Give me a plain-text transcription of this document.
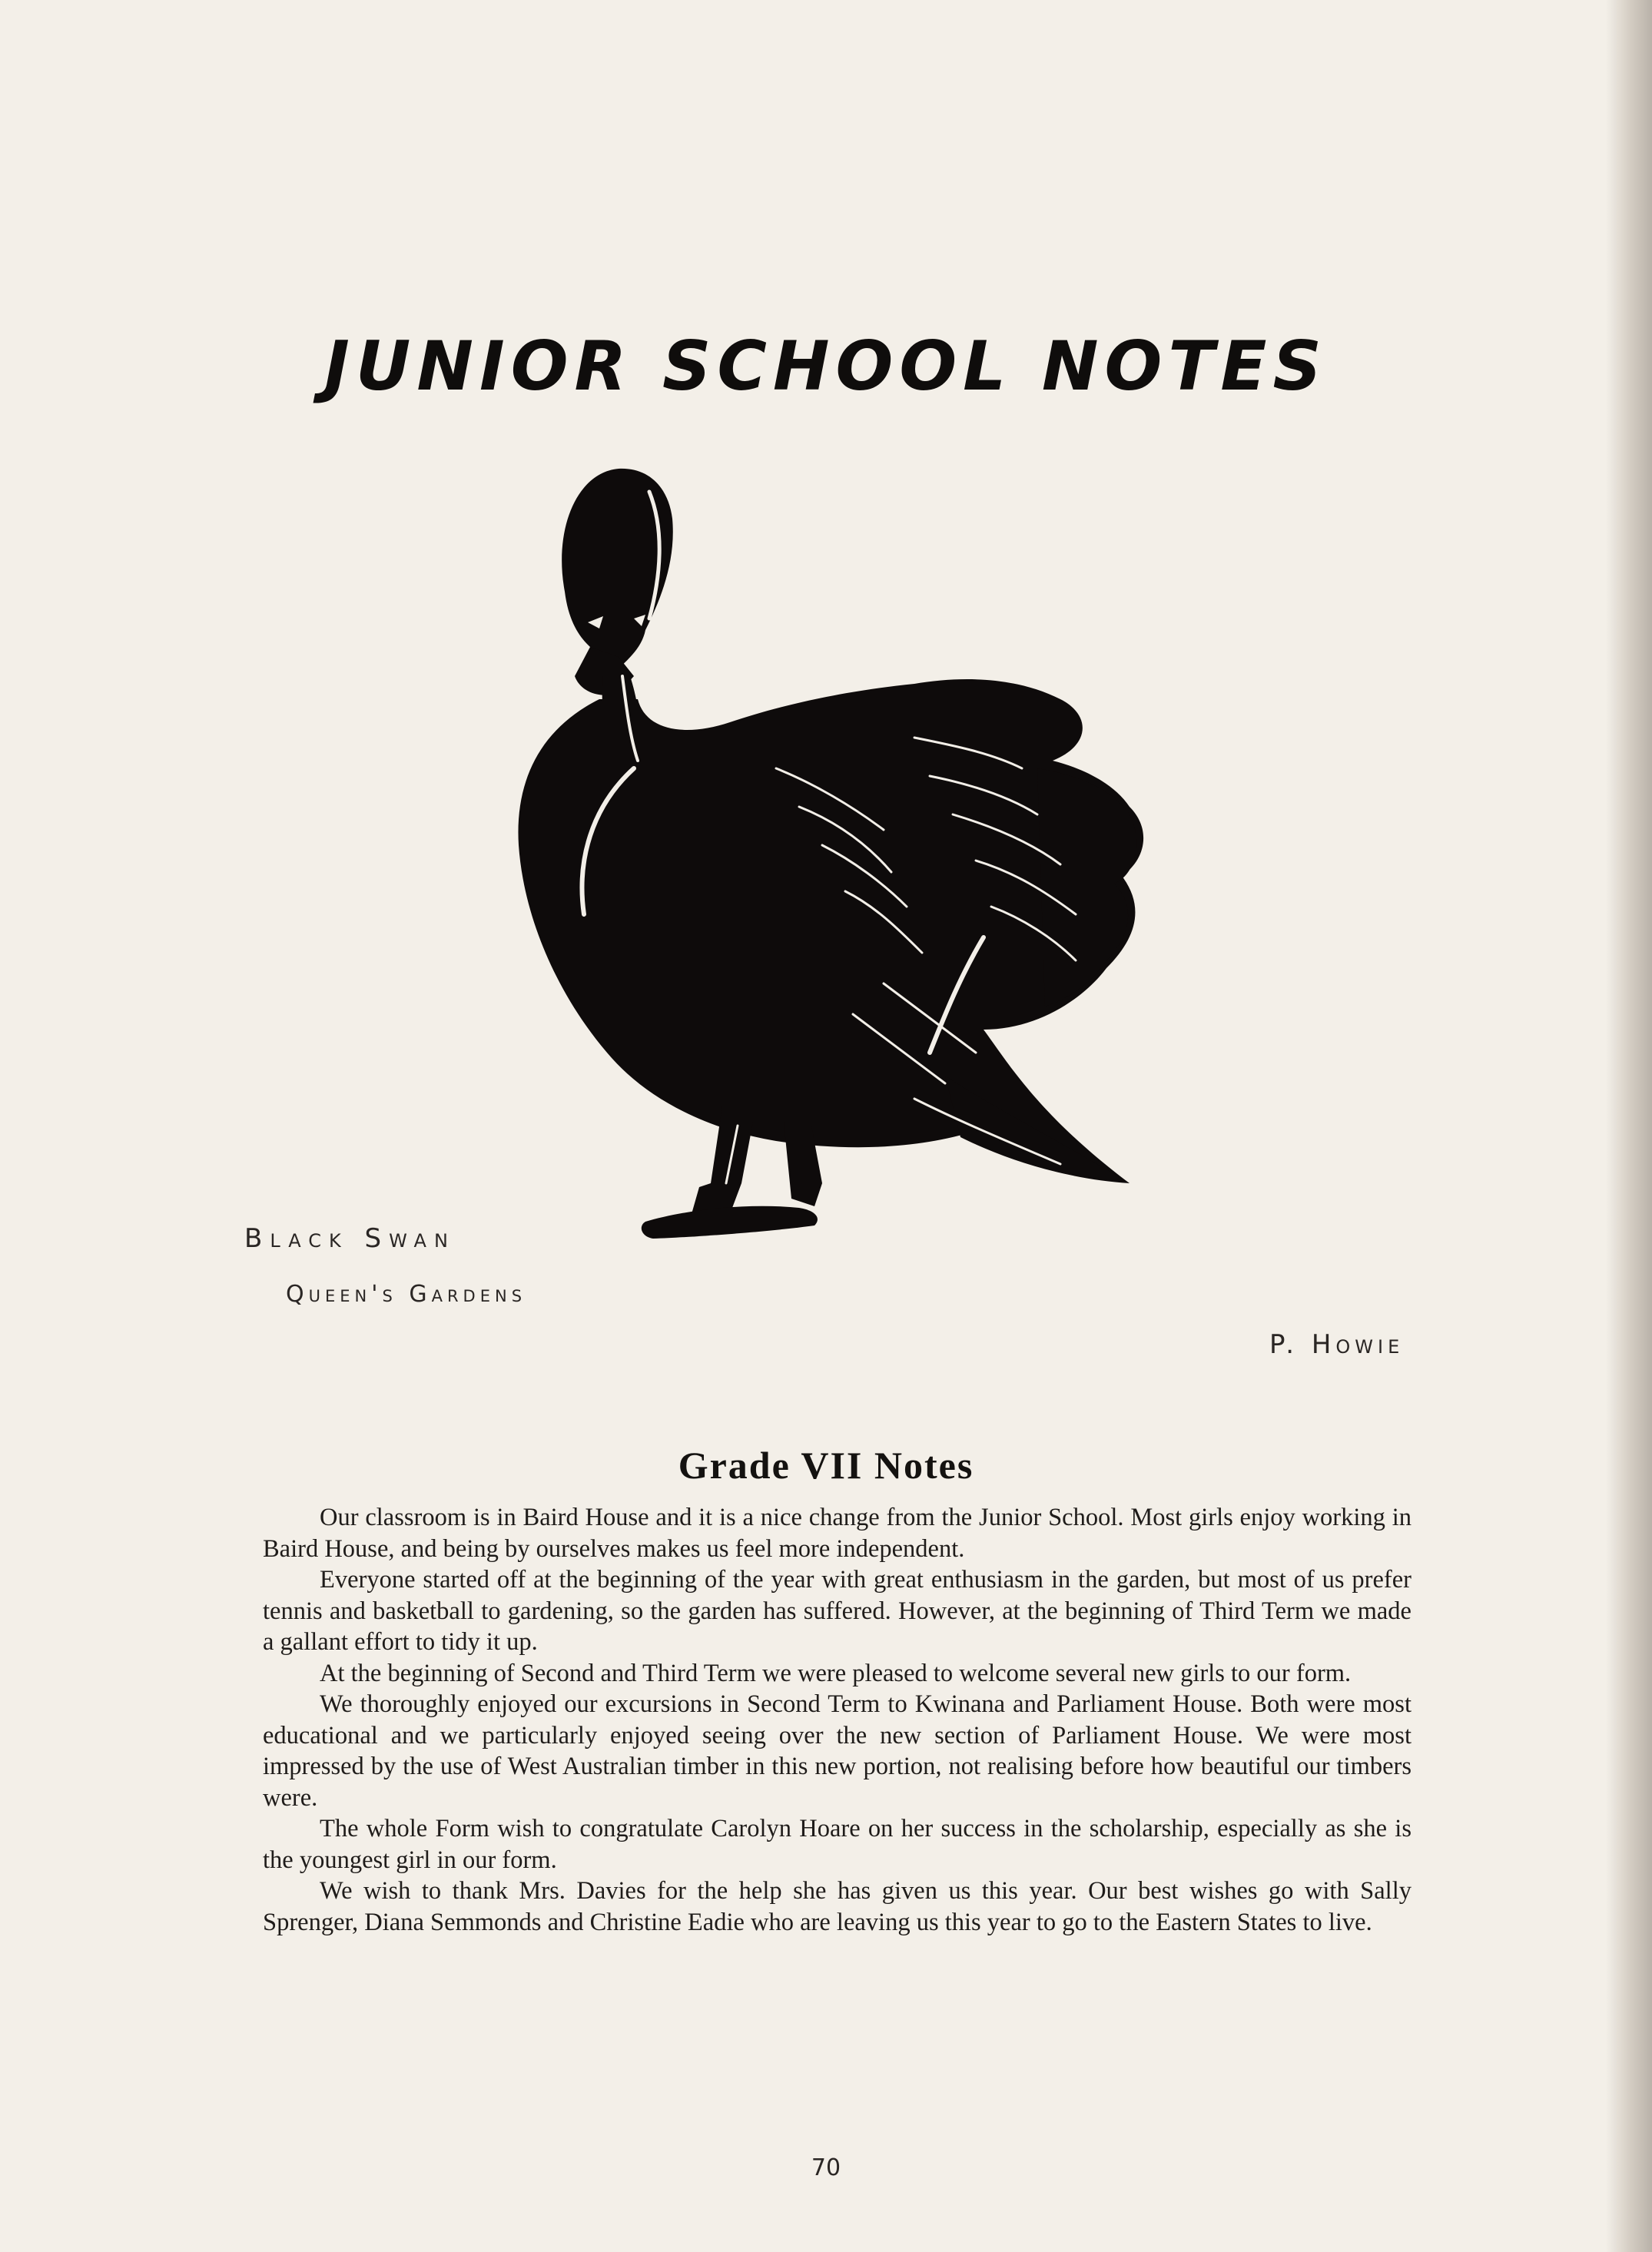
JUNIOR SCHOOL NOTES
Black Swan
Queen's Gardens
P. Howie
Grade VII Notes

Our classroom is in Baird House and it is a nice change from the Junior School. Most girls enjoy working in Baird House, and being by ourselves makes us feel more independent.

Everyone started off at the beginning of the year with great enthusiasm in the garden, but most of us prefer tennis and basketball to gardening, so the garden has suffered. However, at the beginning of Third Term we made a gallant effort to tidy it up.

At the beginning of Second and Third Term we were pleased to welcome several new girls to our form.

We thoroughly enjoyed our excursions in Second Term to Kwinana and Parliament House. Both were most educational and we particularly enjoyed seeing over the new section of Parliament House. We were most impressed by the use of West Australian timber in this new portion, not realising before how beautiful our timbers were.

The whole Form wish to congratulate Carolyn Hoare on her success in the scholarship, especially as she is the youngest girl in our form.

We wish to thank Mrs. Davies for the help she has given us this year. Our best wishes go with Sally Sprenger, Diana Semmonds and Christine Eadie who are leaving us this year to go to the Eastern States to live.

70
